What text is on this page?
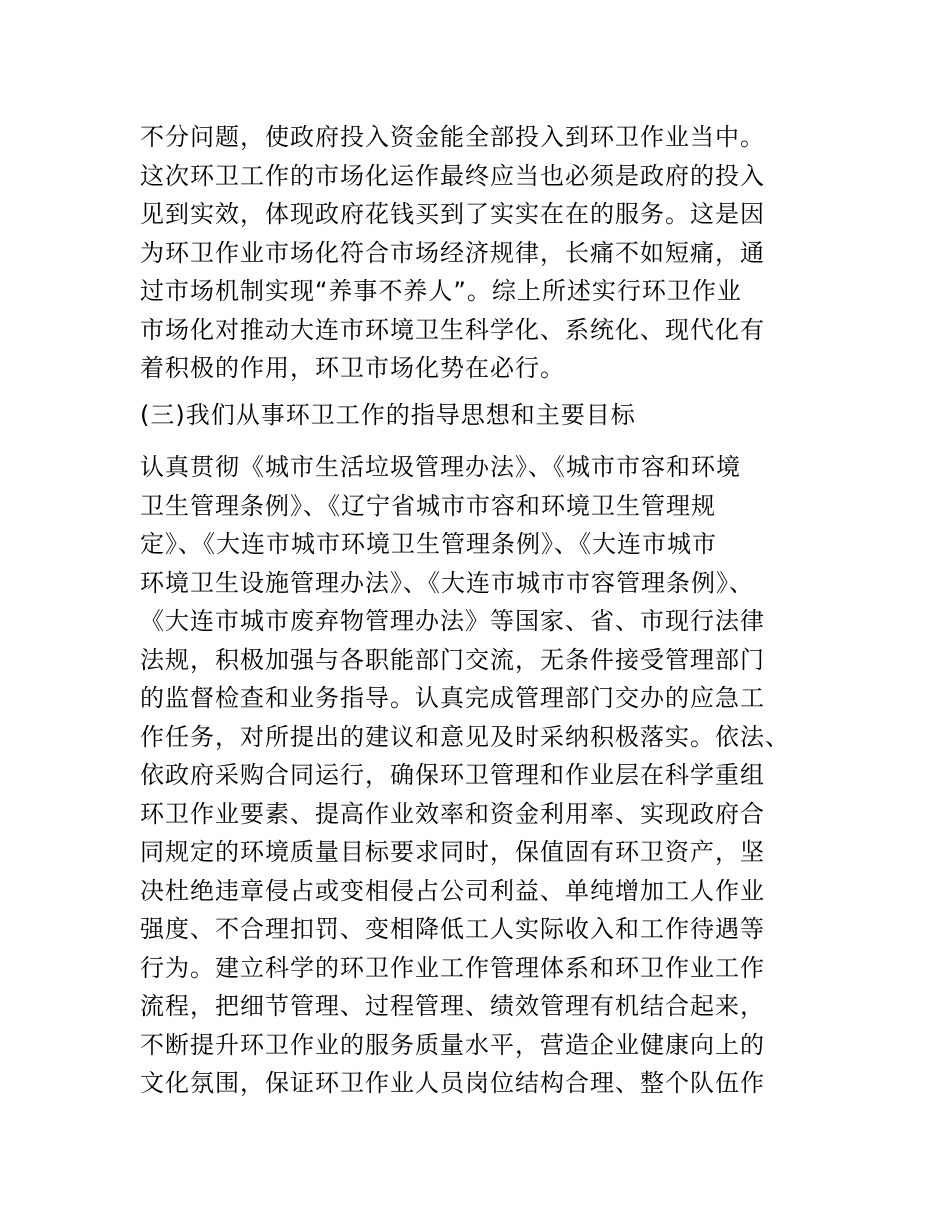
不分问题，使政府投入资金能全部投入到环卫作业当中。
这次环卫工作的市场化运作最终应当也必须是政府的投入
见到实效，体现政府花钱买到了实实在在的服务。这是因
为环卫作业市场化符合市场经济规律，长痛不如短痛，通
过市场机制实现“养事不养人”。综上所述实行环卫作业
市场化对推动大连市环境卫生科学化、系统化、现代化有
着积极的作用，环卫市场化势在必行。
(三)我们从事环卫工作的指导思想和主要目标
认真贯彻《城市生活垃圾管理办法》、《城市市容和环境
卫生管理条例》、《辽宁省城市市容和环境卫生管理规
定》、《大连市城市环境卫生管理条例》、《大连市城市
环境卫生设施管理办法》、《大连市城市市容管理条例》、
《大连市城市废弃物管理办法》等国家、省、市现行法律
法规，积极加强与各职能部门交流，无条件接受管理部门
的监督检查和业务指导。认真完成管理部门交办的应急工
作任务，对所提出的建议和意见及时采纳积极落实。依法、
依政府采购合同运行，确保环卫管理和作业层在科学重组
环卫作业要素、提高作业效率和资金利用率、实现政府合
同规定的环境质量目标要求同时，保值固有环卫资产，坚
决杜绝违章侵占或变相侵占公司利益、单纯增加工人作业
强度、不合理扣罚、变相降低工人实际收入和工作待遇等
行为。建立科学的环卫作业工作管理体系和环卫作业工作
流程，把细节管理、过程管理、绩效管理有机结合起来，
不断提升环卫作业的服务质量水平，营造企业健康向上的
文化氛围，保证环卫作业人员岗位结构合理、整个队伍作
